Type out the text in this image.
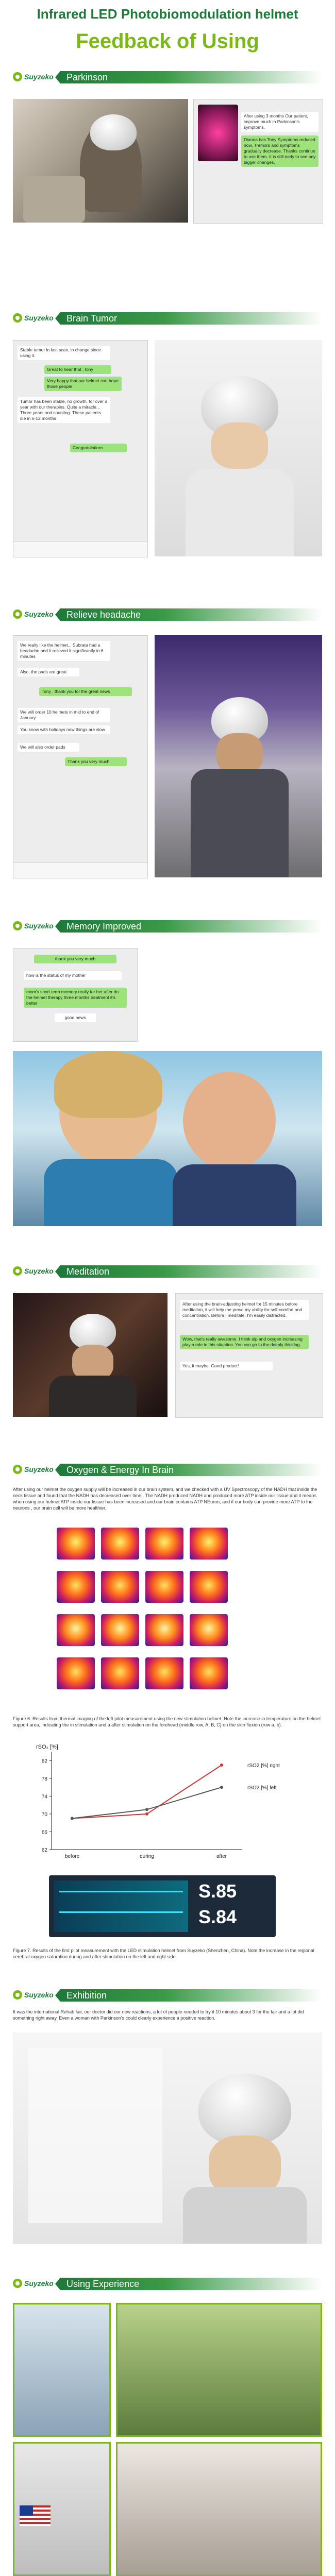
Infrared LED Photobiomodulation helmet
Feedback of Using
Suyzeko	Parkinson
After using 3 months Our patient, improve much in Parkinson's symptoms.
Dianna has Tony Symptoms reduced now, Tremors and symptoms gradually decrease. Thanks continue to use them. It is still early to see any bigger changes.
Suyzeko	Brain Tumor
Stable tumor in last scan, in change since using it.
Great to hear that , tony
Very happy that our helmet can hope those people
Tumor has been stable, no growth, for over a year with our therapies. Quite a miracle... Three years and counting. These patients die in 6-12 months
Congratulations
Suyzeko	Relieve headache
We really like the helmet... Subrata had a headache and it relieved it significantly in 6 minutes
Also, the pads are great
Tony , thank you for the great news
We will order 10 helmets in mid to end of January
You know with holidays now things are slow
We will also order pads
Thank you very much
Suyzeko	Memory Improved
thank you very much
how is the status of my mother
mom's short term memory really for her after do the helmet therapy three months treatment it's better
good news
Suyzeko	Meditation
After using the brain-adjusting helmet for 15 minutes before meditation, it will help me prove my ability for self-comfort and concentration. Before I meditate, I'm easily distracted.
Wow, that's really awesome. I think alp and oxygen increasing play a role in this situation. You can go to the deeply thinking.
Yes, it maybe. Good product!
Suyzeko	Oxygen & Energy In Brain
After using our helmet the oxygen supply will be increased in our brain system, and we checked with a UV Spectroscopy of the NADH that inside the neck tissue and found that the NADH has decreased over time . The NADH produced NADH and produced more ATP inside our tissue and it means when using our helmet ATP inside our tissue has been increased and our brain contains ATP NEuron, and if our body can provide more ATP to the neurons , our brain cell will be more healthier.
Figure 6. Results from thermal imaging of the left pilot measurement using the new stimulation helmet. Note the increase in temperature on the helmet support area, indicating the in stimulation and a after stimulation on the forehead (middle row, A, B, C) on the skin flexion (row a, b).
rSO₂ [%]
62
66
70
74
78
82
before	during	after
rSO2 [%] right
rSO2 [%] left
S.85
S.84
Figure 7. Results of the first pilot measurement with the LED stimulation helmet from Suyzeko (Shenzhen, China). Note the increase in the regional cerebral oxygen saturation during and after stimulation on the left and right side.
Suyzeko	Exhibition
It was the international Rehab fair, our doctor did our new reactions, a lot of people needed to try it 10 minutes about 3 for the fair and a lot did something right away. Even a woman with Parkinson's could clearly experience a positive reaction.
Suyzeko	Using Experience
